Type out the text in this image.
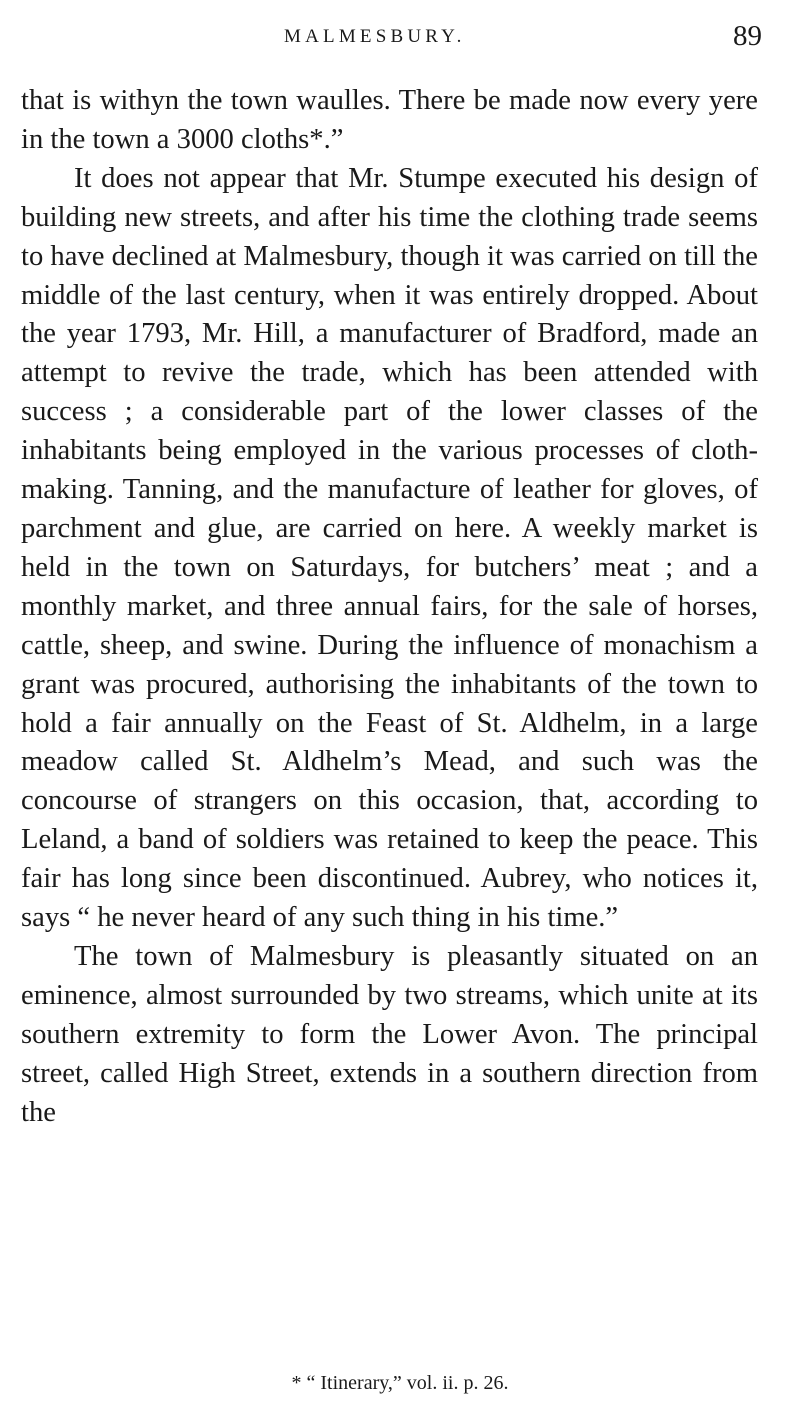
MALMESBURY.	89

that is withyn the town waulles. There be made now every yere in the town a 3000 cloths*.”

It does not appear that Mr. Stumpe executed his design of building new streets, and after his time the clothing trade seems to have declined at Malmesbury, though it was carried on till the middle of the last century, when it was entirely dropped. About the year 1793, Mr. Hill, a manufacturer of Bradford, made an attempt to revive the trade, which has been attended with success ; a considerable part of the lower classes of the inhabitants being employed in the various processes of cloth-making. Tanning, and the manufacture of leather for gloves, of parchment and glue, are carried on here. A weekly market is held in the town on Saturdays, for butchers’ meat ; and a monthly market, and three annual fairs, for the sale of horses, cattle, sheep, and swine. During the influence of monachism a grant was procured, authorising the inhabitants of the town to hold a fair annually on the Feast of St. Aldhelm, in a large meadow called St. Aldhelm’s Mead, and such was the concourse of strangers on this occasion, that, according to Leland, a band of soldiers was retained to keep the peace. This fair has long since been discontinued. Aubrey, who notices it, says “ he never heard of any such thing in his time.”

The town of Malmesbury is pleasantly situated on an eminence, almost surrounded by two streams, which unite at its southern extremity to form the Lower Avon. The principal street, called High Street, extends in a southern direction from the

* “ Itinerary,” vol. ii. p. 26.
